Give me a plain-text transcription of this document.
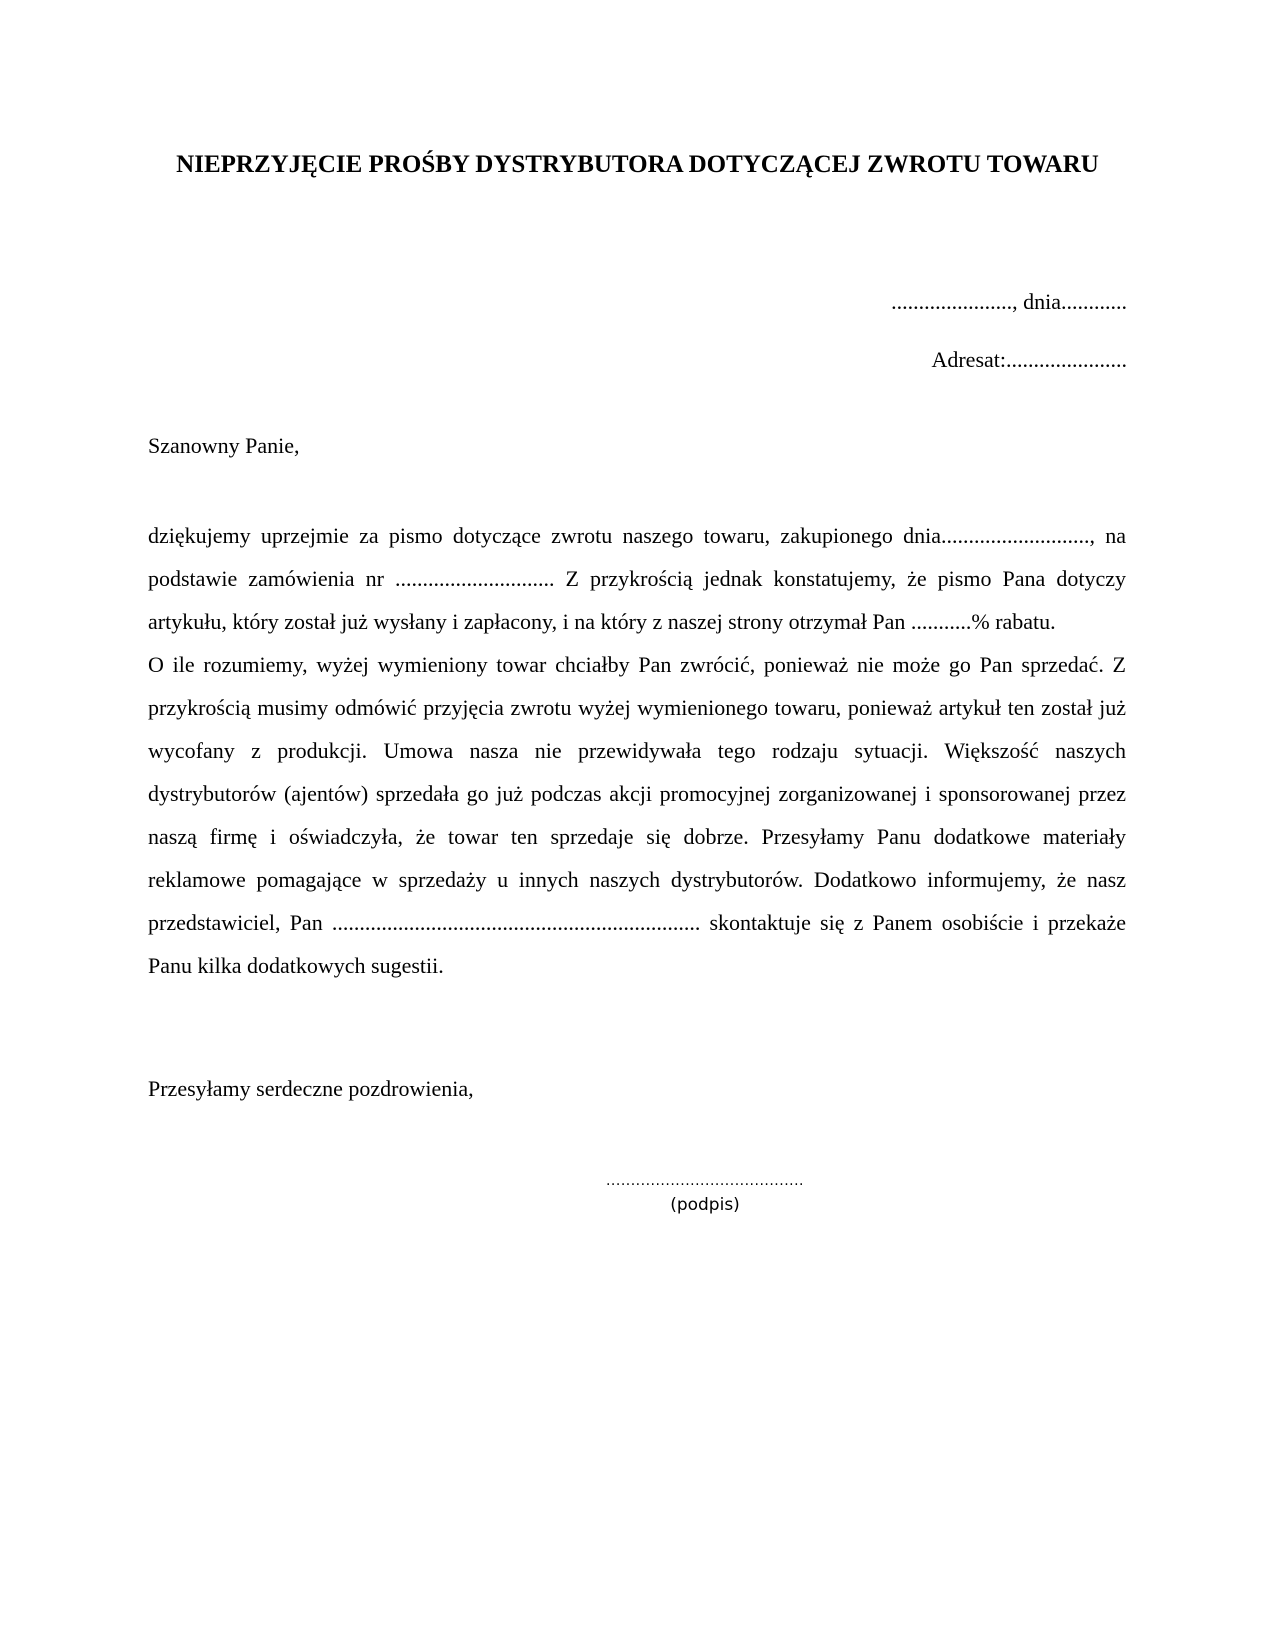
NIEPRZYJĘCIE PROŚBY DYSTRYBUTORA DOTYCZĄCEJ ZWROTU TOWARU
......................, dnia............
Adresat:......................
Szanowny Panie,

dziękujemy uprzejmie za pismo dotyczące zwrotu naszego towaru, zakupionego dnia..........................., na podstawie zamówienia nr ............................. Z przykrością jednak konstatujemy, że pismo Pana dotyczy artykułu, który został już wysłany i zapłacony, i na który z naszej strony otrzymał Pan ...........% rabatu.

O ile rozumiemy, wyżej wymieniony towar chciałby Pan zwrócić, ponieważ nie może go Pan sprzedać. Z przykrością musimy odmówić przyjęcia zwrotu wyżej wymienionego towaru, ponieważ artykuł ten został już wycofany z produkcji. Umowa nasza nie przewidywała tego rodzaju sytuacji. Większość naszych dystrybutorów (ajentów) sprzedała go już podczas akcji promocyjnej zorganizowanej i sponsorowanej przez naszą firmę i oświadczyła, że towar ten sprzedaje się dobrze. Przesyłamy Panu dodatkowe materiały reklamowe pomagające w sprzedaży u innych naszych dystrybutorów. Dodatkowo informujemy, że nasz przedstawiciel, Pan ................................................................... skontaktuje się z Panem osobiście i przekaże Panu kilka dodatkowych sugestii.

Przesyłamy serdeczne pozdrowienia,
........................................
(podpis)
